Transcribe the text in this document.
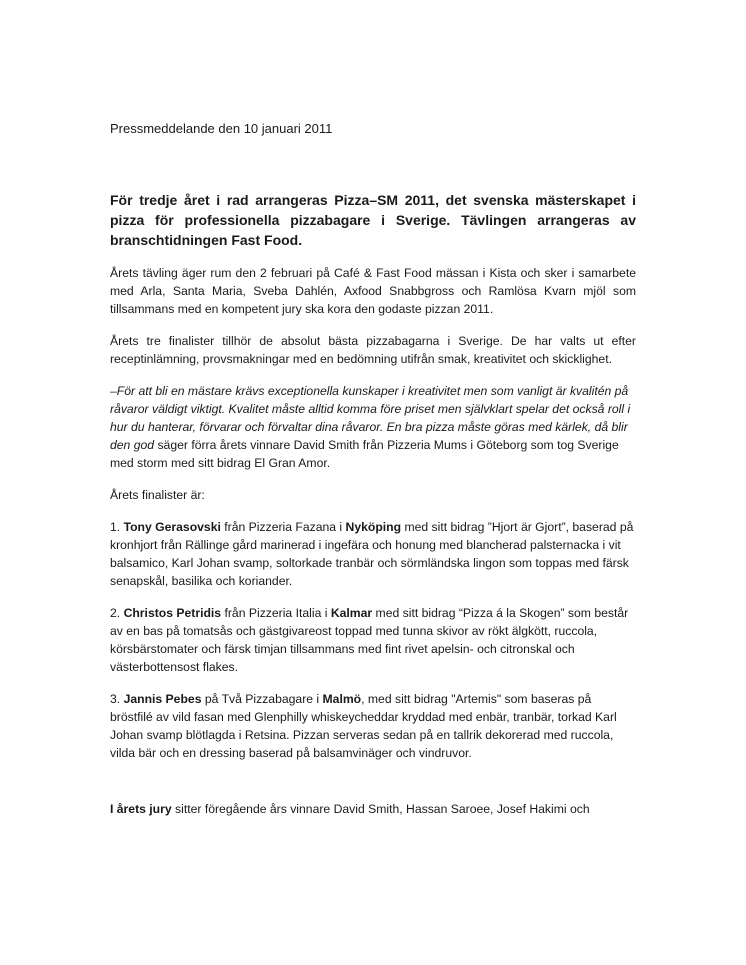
Pressmeddelande den 10 januari 2011
För tredje året i rad arrangeras Pizza–SM 2011, det svenska mästerskapet i pizza för professionella pizzabagare i Sverige. Tävlingen arrangeras av branschtidningen Fast Food.

Årets tävling äger rum den 2 februari på Café & Fast Food mässan i Kista och sker i samarbete med Arla, Santa Maria, Sveba Dahlén, Axfood Snabbgross och Ramlösa Kvarn mjöl som tillsammans med en kompetent jury ska kora den godaste pizzan 2011.

Årets tre finalister tillhör de absolut bästa pizzabagarna i Sverige. De har valts ut efter receptinlämning, provsmakningar med en bedömning utifrån smak, kreativitet och skicklighet.

–För att bli en mästare krävs exceptionella kunskaper i kreativitet men som vanligt är kvalitén på råvaror väldigt viktigt. Kvalitet måste alltid komma före priset men självklart spelar det också roll i hur du hanterar, förvarar och förvaltar dina råvaror. En bra pizza måste göras med kärlek, då blir den god säger förra årets vinnare David Smith från Pizzeria Mums i Göteborg som tog Sverige med storm med sitt bidrag El Gran Amor.

Årets finalister är:

1. Tony Gerasovski från Pizzeria Fazana i Nyköping med sitt bidrag ”Hjort är Gjort”, baserad på kronhjort från Rällinge gård marinerad i ingefära och honung med blancherad palsternacka i vit balsamico, Karl Johan svamp, soltorkade tranbär och sörmländska lingon som toppas med färsk senapskål, basilika och koriander.

2. Christos Petridis från Pizzeria Italia i Kalmar med sitt bidrag “Pizza á la Skogen” som består av en bas på tomatsås och gästgivareost toppad med tunna skivor av rökt älgkött, ruccola, körsbärstomater och färsk timjan tillsammans med fint rivet apelsin- och citronskal och västerbottensost flakes.

3. Jannis Pebes på Två Pizzabagare i Malmö, med sitt bidrag "Artemis" som baseras på bröstfilé av vild fasan med Glenphilly whiskeycheddar kryddad med enbär, tranbär, torkad Karl Johan svamp blötlagda i Retsina. Pizzan serveras sedan på en tallrik dekorerad med ruccola, vilda bär och en dressing baserad på balsamvinäger och vindruvor.

I årets jury sitter föregående års vinnare David Smith, Hassan Saroee, Josef Hakimi och
